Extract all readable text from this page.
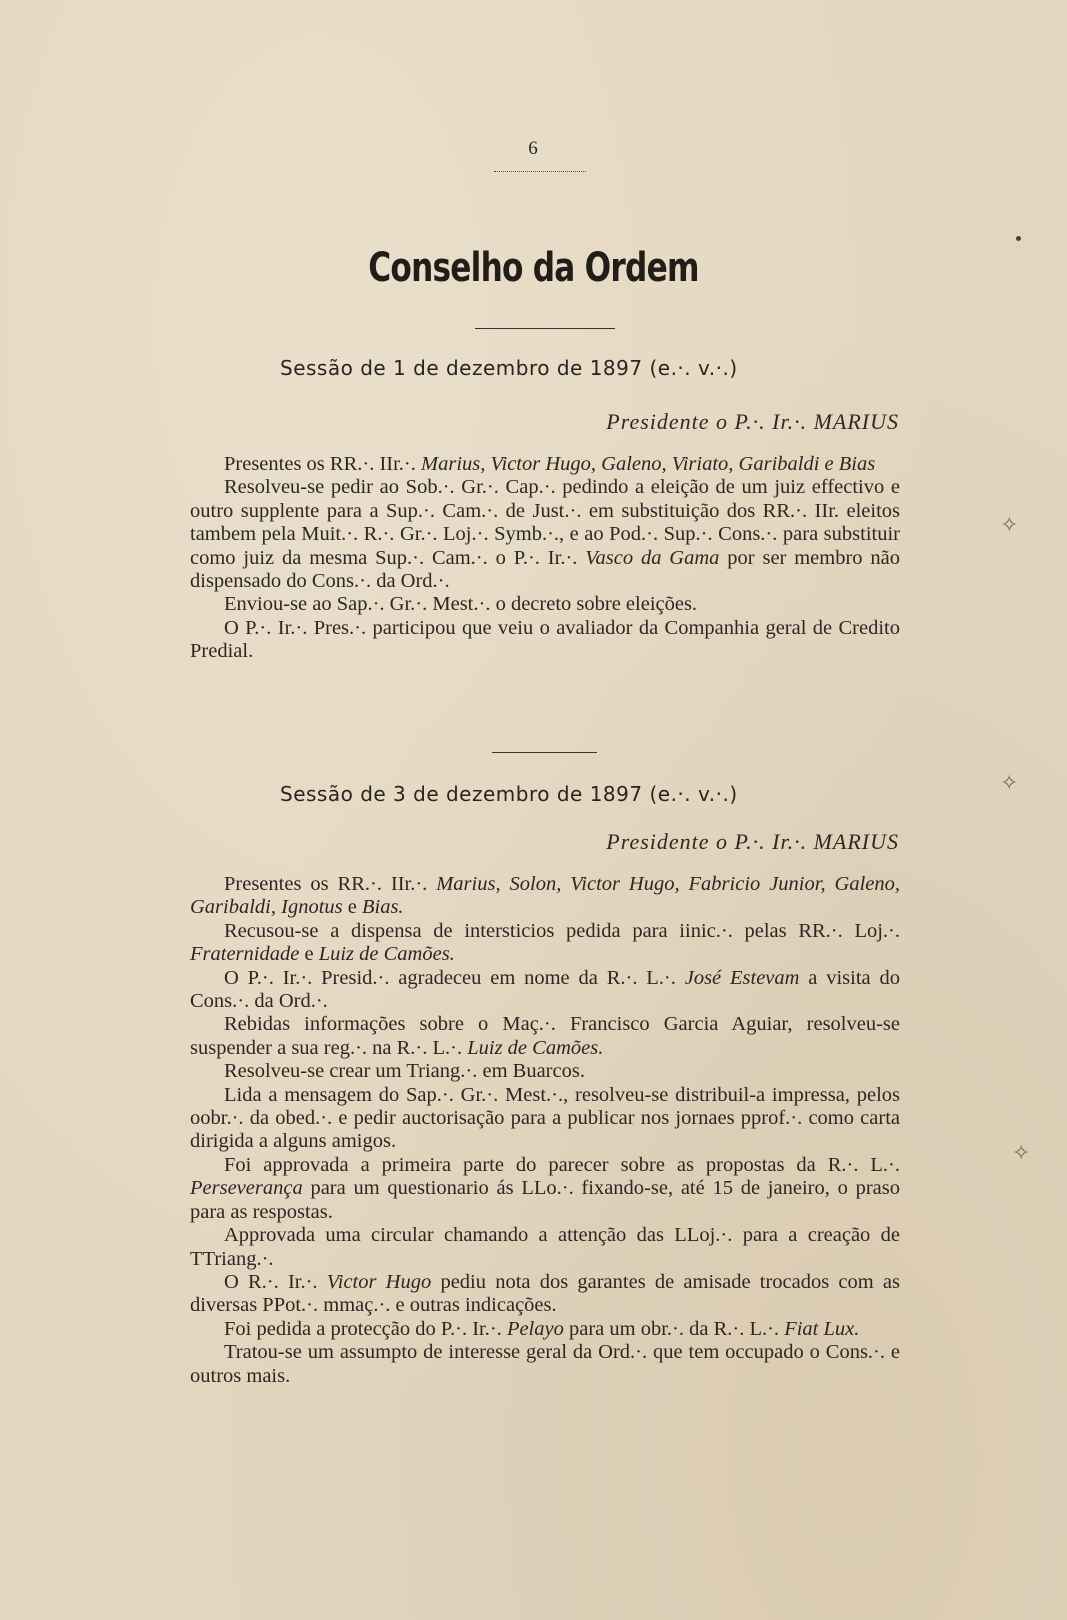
6
Conselho da Ordem
Sessão de 1 de dezembro de 1897 (e.·. v.·.)
Presidente o P.·. Ir.·. MARIUS

Presentes os RR.·. IIr.·. Marius, Victor Hugo, Galeno, Viriato, Garibaldi e Bias

Resolveu-se pedir ao Sob.·. Gr.·. Cap.·. pedindo a eleição de um juiz effectivo e outro supplente para a Sup.·. Cam.·. de Just.·. em substituição dos RR.·. IIr. eleitos tambem pela Muit.·. R.·. Gr.·. Loj.·. Symb.·., e ao Pod.·. Sup.·. Cons.·. para substituir como juiz da mesma Sup.·. Cam.·. o P.·. Ir.·. Vasco da Gama por ser membro não dispensado do Cons.·. da Ord.·.

Enviou-se ao Sap.·. Gr.·. Mest.·. o decreto sobre eleições.

O P.·. Ir.·. Pres.·. participou que veiu o avaliador da Companhia geral de Credito Predial.

Sessão de 3 de dezembro de 1897 (e.·. v.·.)
Presidente o P.·. Ir.·. MARIUS

Presentes os RR.·. IIr.·. Marius, Solon, Victor Hugo, Fabricio Junior, Galeno, Garibaldi, Ignotus e Bias.

Recusou-se a dispensa de intersticios pedida para iinic.·. pelas RR.·. Loj.·. Fraternidade e Luiz de Camões.

O P.·. Ir.·. Presid.·. agradeceu em nome da R.·. L.·. José Estevam a visita do Cons.·. da Ord.·.

Rebidas informações sobre o Maç.·. Francisco Garcia Aguiar, resolveu-se suspender a sua reg.·. na R.·. L.·. Luiz de Camões.

Resolveu-se crear um Triang.·. em Buarcos.

Lida a mensagem do Sap.·. Gr.·. Mest.·., resolveu-se distribuil-a impressa, pelos oobr.·. da obed.·. e pedir auctorisação para a publicar nos jornaes pprof.·. como carta dirigida a alguns amigos.

Foi approvada a primeira parte do parecer sobre as propostas da R.·. L.·. Perseverança para um questionario ás LLo.·. fixando-se, até 15 de janeiro, o praso para as respostas.

Approvada uma circular chamando a attenção das LLoj.·. para a creação de TTriang.·.

O R.·. Ir.·. Victor Hugo pediu nota dos garantes de amisade trocados com as diversas PPot.·. mmaç.·. e outras indicações.

Foi pedida a protecção do P.·. Ir.·. Pelayo para um obr.·. da R.·. L.·. Fiat Lux.

Tratou-se um assumpto de interesse geral da Ord.·. que tem occupado o Cons.·. e outros mais.

✧
✧
✧
